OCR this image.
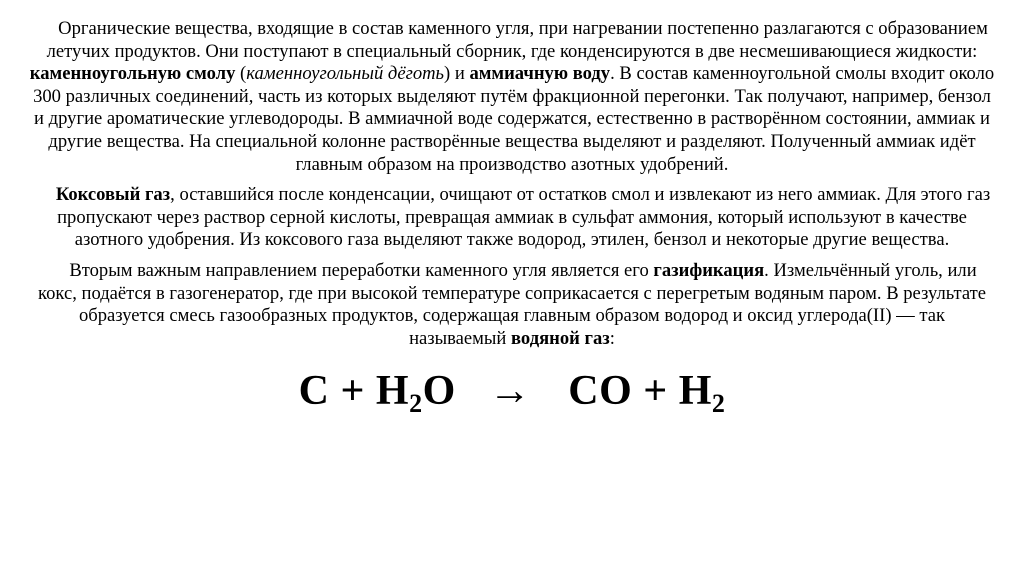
Органические вещества, входящие в состав каменного угля, при нагревании постепенно разлагаются с образованием летучих продуктов. Они поступают в специальный сборник, где конденсируются в две несмешивающиеся жидкости: каменноугольную смолу (каменноугольный дёготь) и аммиачную воду. В состав каменноугольной смолы входит около 300 различных соединений, часть из которых выделяют путём фракционной перегонки. Так получают, например, бензол и другие ароматические углеводороды. В аммиачной воде содержатся, естественно в растворённом состоянии, аммиак и другие вещества. На специальной колонне растворённые вещества выделяют и разделяют. Полученный аммиак идёт главным образом на производство азотных удобрений.

Коксовый газ, оставшийся после конденсации, очищают от остатков смол и извлекают из него аммиак. Для этого газ пропускают через раствор серной кислоты, превращая аммиак в сульфат аммония, который используют в качестве азотного удобрения. Из коксового газа выделяют также водород, этилен, бензол и некоторые другие вещества.

Вторым важным направлением переработки каменного угля является его газификация. Измельчённый уголь, или кокс, подаётся в газогенератор, где при высокой температуре соприкасается с перегретым водяным паром. В результате образуется смесь газообразных продуктов, содержащая главным образом водород и оксид углерода(II) — так называемый водяной газ:

$C + H_2O$ → CO + $H_2$
